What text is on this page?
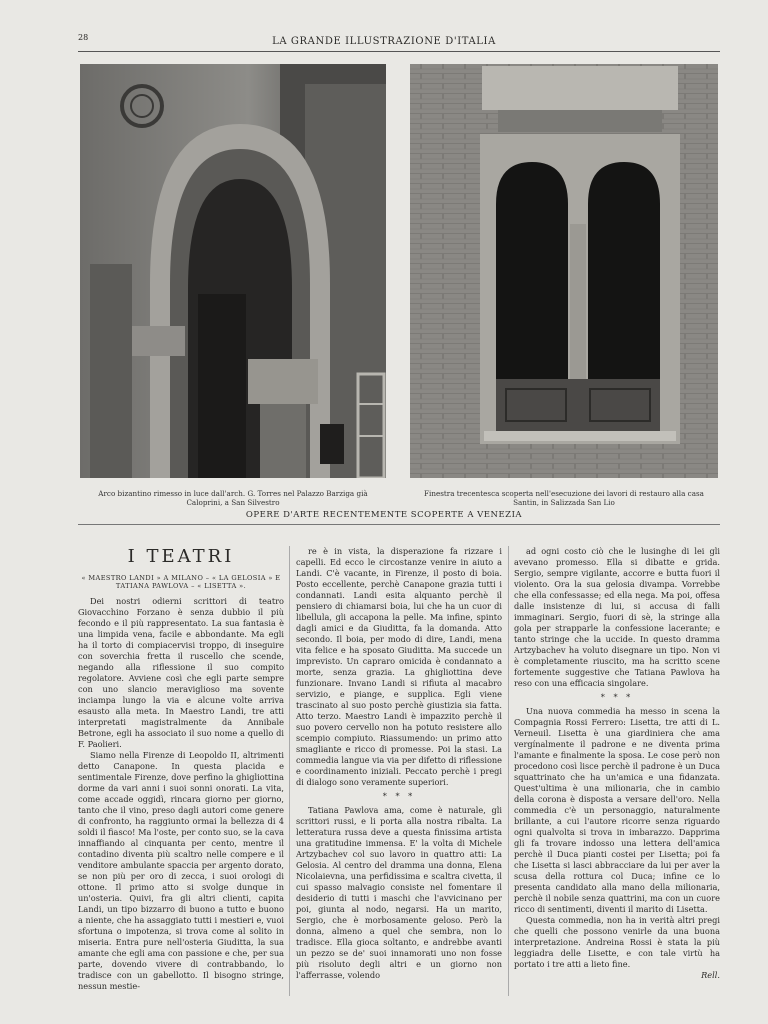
28	LA GRANDE ILLUSTRAZIONE D'ITALIA
Arco bizantino rimesso in luce dall'arch. G. Torres nel Palazzo Barziga già Caloprini, a San Silvestro
Finestra trecentesca scoperta nell'esecuzione dei lavori di restauro alla casa Santin, in Salizzada San Lio
OPERE D'ARTE RECENTEMENTE SCOPERTE A VENEZIA
I TEATRI
« MAESTRO LANDI » A MILANO – « LA GELOSIA » E TATIANA PAWLOVA – « LISETTA ».

Dei nostri odierni scrittori di teatro Giovacchino Forzano è senza dubbio il più fecondo e il più rappresentato. La sua fantasia è una limpida vena, facile e abbondante. Ma egli ha il torto di compiacervisi troppo, di inseguire con soverchia fretta il ruscello che scende, negando alla riflessione il suo compito regolatore. Avviene così che egli parte sempre con uno slancio meraviglioso ma sovente inciampa lungo la via e alcune volte arriva esausto alla meta. In Maestro Landi, tre atti interpretati magistralmente da Annibale Betrone, egli ha associato il suo nome a quello di F. Paolieri.

Siamo nella Firenze di Leopoldo II, altrimenti detto Canapone. In questa placida e sentimentale Firenze, dove perfino la ghigliottina dorme da vari anni i suoi sonni onorati. La vita, come accade oggidì, rincara giorno per giorno, tanto che il vino, preso dagli autori come genere di confronto, ha raggiunto ormai la bellezza di 4 soldi il fiasco! Ma l'oste, per conto suo, se la cava innaffiando al cinquanta per cento, mentre il contadino diventa più scaltro nelle compere e il venditore ambulante spaccia per argento dorato, se non più per oro di zecca, i suoi orologi di ottone. Il primo atto si svolge dunque in un'osteria. Quivi, fra gli altri clienti, capita Landi, un tipo bizzarro di buono a tutto e buono a niente, che ha assaggiato tutti i mestieri e, vuoi sfortuna o impotenza, si trova come al solito in miseria. Entra pure nell'osteria Giuditta, la sua amante che egli ama con passione e che, per sua parte, dovendo vivere di contrabbando, lo tradisce con un gabellotto. Il bisogno stringe, nessun mestie-

re è in vista, la disperazione fa rizzare i capelli. Ed ecco le circostanze venire in aiuto a Landi. C'è vacante, in Firenze, il posto di boia. Posto eccellente, perchè Canapone grazia tutti i condannati. Landi esita alquanto perchè il pensiero di chiamarsi boia, lui che ha un cuor di libellula, gli accapona la pelle. Ma infine, spinto dagli amici e da Giuditta, fa la domanda. Atto secondo. Il boia, per modo di dire, Landi, mena vita felice e ha sposato Giuditta. Ma succede un imprevisto. Un capraro omicida è condannato a morte, senza grazia. La ghigliottina deve funzionare. Invano Landi si rifiuta al macabro servizio, e piange, e supplica. Egli viene trascinato al suo posto perchè giustizia sia fatta. Atto terzo. Maestro Landi è impazzito perchè il suo povero cervello non ha potuto resistere allo scempio compiuto. Riassumendo: un primo atto smagliante e ricco di promesse. Poi la stasi. La commedia langue via via per difetto di riflessione e coordinamento iniziali. Peccato perchè i pregi di dialogo sono veramente superiori.

* * *

Tatiana Pawlova ama, come è naturale, gli scrittori russi, e li porta alla nostra ribalta. La letteratura russa deve a questa finissima artista una gratitudine immensa. E' la volta di Michele Artzybachev col suo lavoro in quattro atti: La Gelosia. Al centro del dramma una donna, Elena Nicolaievna, una perfidissima e scaltra civetta, il cui spasso malvagio consiste nel fomentare il desiderio di tutti i maschi che l'avvicinano per poi, giunta al nodo, negarsi. Ha un marito, Sergio, che è morbosamente geloso. Però la donna, almeno a quel che sembra, non lo tradisce. Ella gioca soltanto, e andrebbe avanti un pezzo se de' suoi innamorati uno non fosse più risoluto degli altri e un giorno non l'afferrasse, volendo

ad ogni costo ciò che le lusinghe di lei gli avevano promesso. Ella si dibatte e grida. Sergio, sempre vigilante, accorre e butta fuori il violento. Ora la sua gelosia divampa. Vorrebbe che ella confessasse; ed ella nega. Ma poi, offesa dalle insistenze di lui, si accusa di falli immaginari. Sergio, fuori di sè, la stringe alla gola per strapparle la confessione lacerante; e tanto stringe che la uccide. In questo dramma Artzybachev ha voluto disegnare un tipo. Non vi è completamente riuscito, ma ha scritto scene fortemente suggestive che Tatiana Pawlova ha reso con una efficacia singolare.

* * *

Una nuova commedia ha messo in scena la Compagnia Rossi Ferrero: Lisetta, tre atti di L. Verneuil. Lisetta è una giardiniera che ama vergínalmente il padrone e ne diventa prima l'amante e finalmente la sposa. Le cose però non procedono così lisce perchè il padrone è un Duca squattrinato che ha un'amica e una fidanzata. Quest'ultima è una milionaria, che in cambio della corona è disposta a versare dell'oro. Nella commedia c'è un personaggio, naturalmente brillante, a cui l'autore ricorre senza riguardo ogni qualvolta si trova in imbarazzo. Dapprima gli fa trovare indosso una lettera dell'amica perchè il Duca pianti costei per Lisetta; poi fa che Lisetta si lasci abbracciare da lui per aver la scusa della rottura col Duca; infine ce lo presenta candidato alla mano della milionaria, perchè il nobile senza quattrini, ma con un cuore ricco di sentimenti, diventi il marito di Lisetta.

Questa commedia, non ha in verità altri pregi che quelli che possono venirle da una buona interpretazione. Andreina Rossi è stata la più leggiadra delle Lisette, e con tale virtù ha portato i tre atti a lieto fine.

Rell.
